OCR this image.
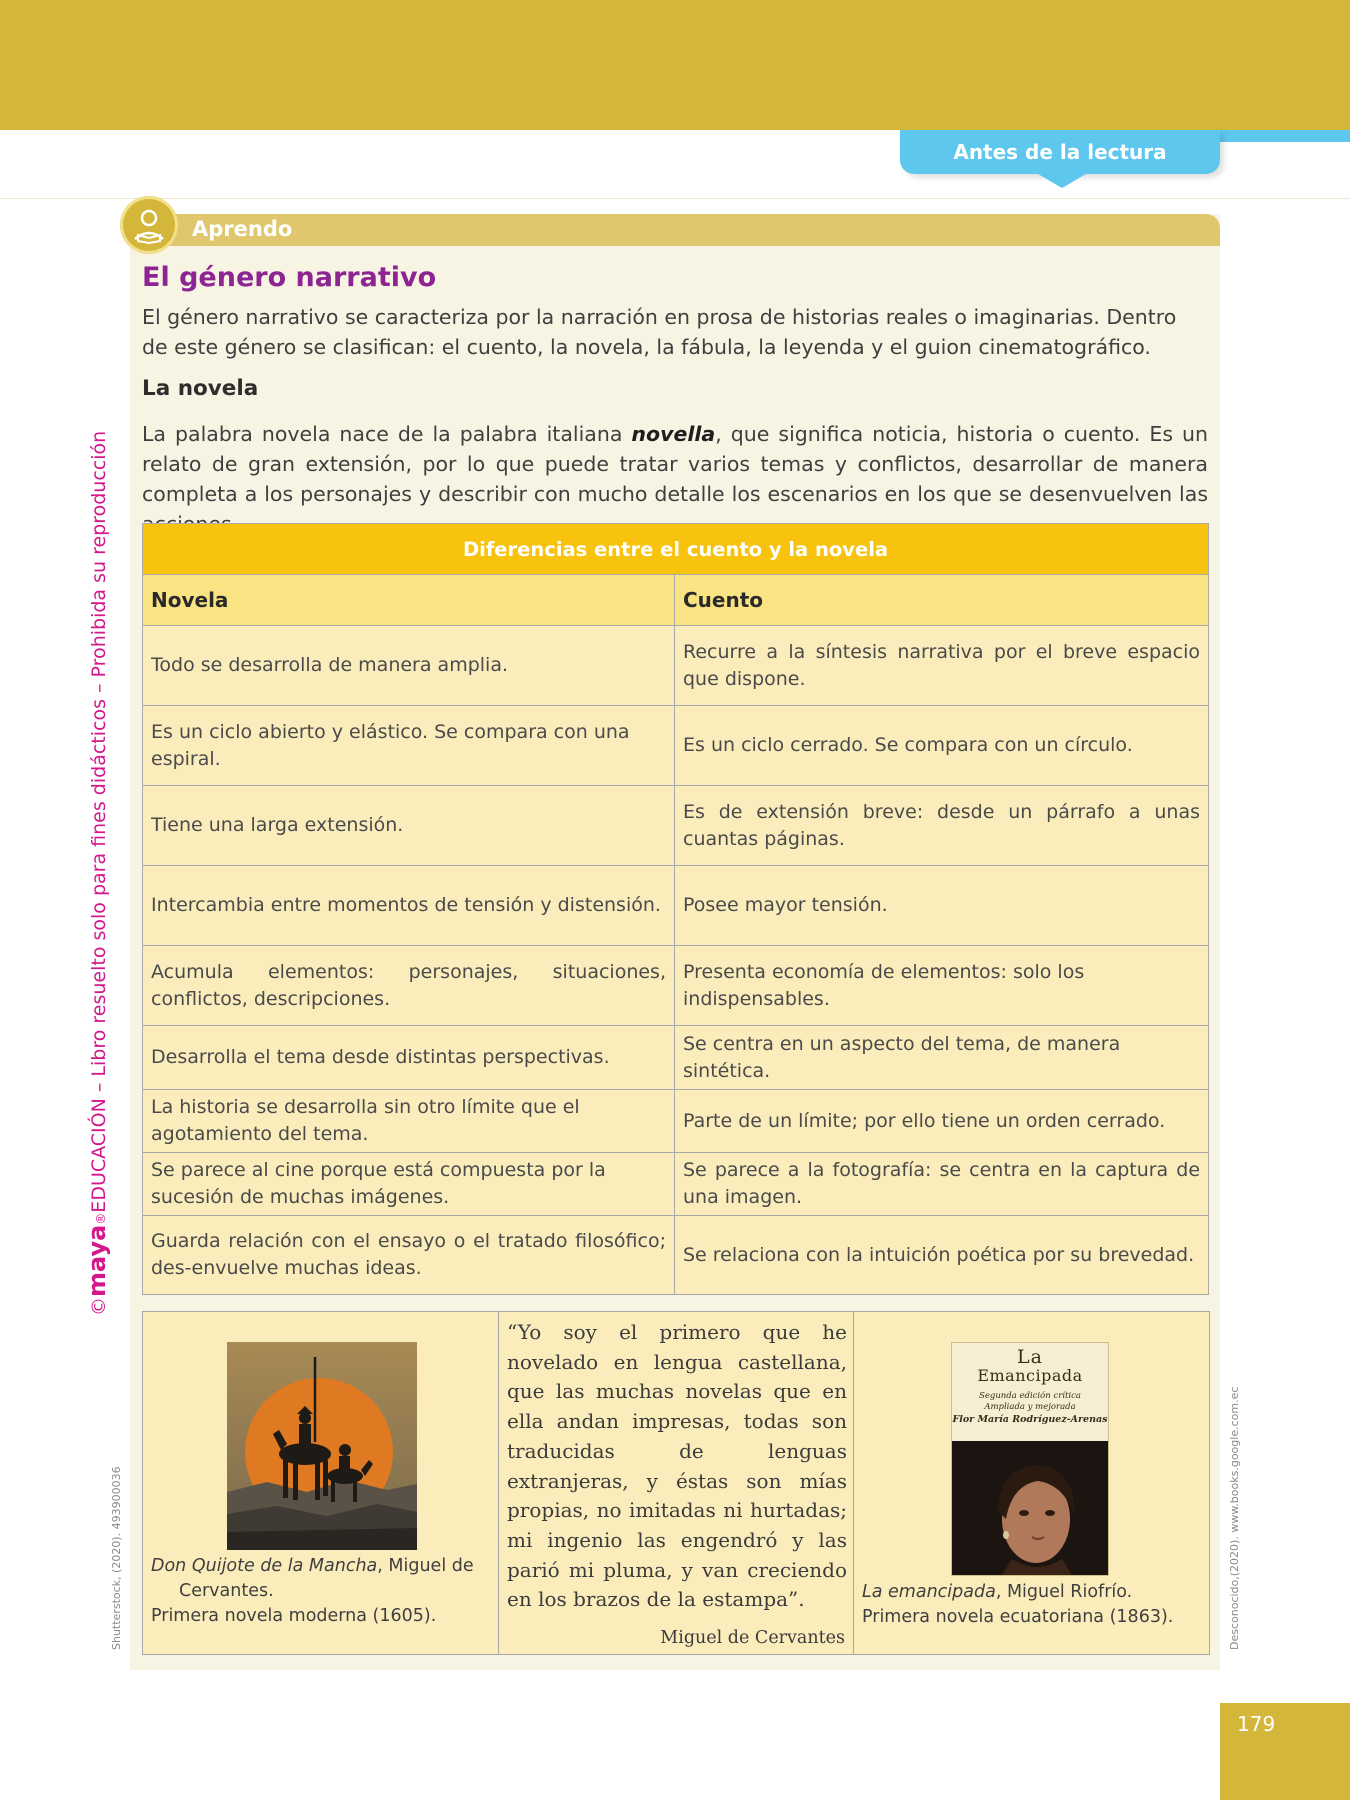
Antes de la lectura
Aprendo
El género narrativo
El género narrativo se caracteriza por la narración en prosa de historias reales o imaginarias. Dentro de este género se clasifican: el cuento, la novela, la fábula, la leyenda y el guion cinematográfico.
La novela

La palabra novela nace de la palabra italiana novella, que significa noticia, historia o cuento. Es un relato de gran extensión, por lo que puede tratar varios temas y conflictos, desarrollar de manera completa a los personajes y describir con mucho detalle los escenarios en los que se desenvuelven las

Diferencias entre el cuento y la novela	
Novela	Cuento
Todo se desarrolla de manera amplia.	Recurre a la síntesis narrativa por el breve espacio que dispone.
Es un ciclo abierto y elástico. Se compara con una espiral.	Es un ciclo cerrado. Se compara con un círculo.
Tiene una larga extensión.	Es de extensión breve: desde un párrafo a unas cuantas páginas.
Intercambia entre momentos de tensión y distensión.	Posee mayor tensión.
Acumula elementos: personajes, situaciones, conflictos, descripciones.	Presenta economía de elementos: solo los indispensables.
Desarrolla el tema desde distintas perspectivas.	Se centra en un aspecto del tema, de manera sintética.
La historia se desarrolla sin otro límite que el agotamiento del tema.	Parte de un límite; por ello tiene un orden cerrado.
Se parece al cine porque está compuesta por la sucesión de muchas imágenes.	Se parece a la fotografía: se centra en la captura de una imagen.
Guarda relación con el ensayo o el tratado filosófico; des-envuelve muchas ideas.	Se relaciona con la intuición poética por su brevedad.
Don Quijote de la Mancha, Miguel de
Cervantes.
Primera novela moderna (1605).

“Yo soy el primero que he novelado en lengua castellana, que las muchas novelas que en ella andan impresas, todas son traducidas de lenguas extranjeras, y éstas son mías propias, no imitadas ni hurtadas; mi ingenio las engendró y las parió mi pluma, y van creciendo en los brazos de la estampa”.

Miguel de Cervantes
La
Emancipada
Segunda edición crítica
Ampliada y mejorada
Flor María Rodríguez-Arenas
La emancipada, Miguel Riofrío.
Primera novela ecuatoriana (1863).
©maya®EDUCACIÓN – Libro resuelto solo para fines didácticos – Prohibida su reproducción
Shutterstock, (2020). 493900036	Desconocido,(2020). www.books.google.com.ec
179
